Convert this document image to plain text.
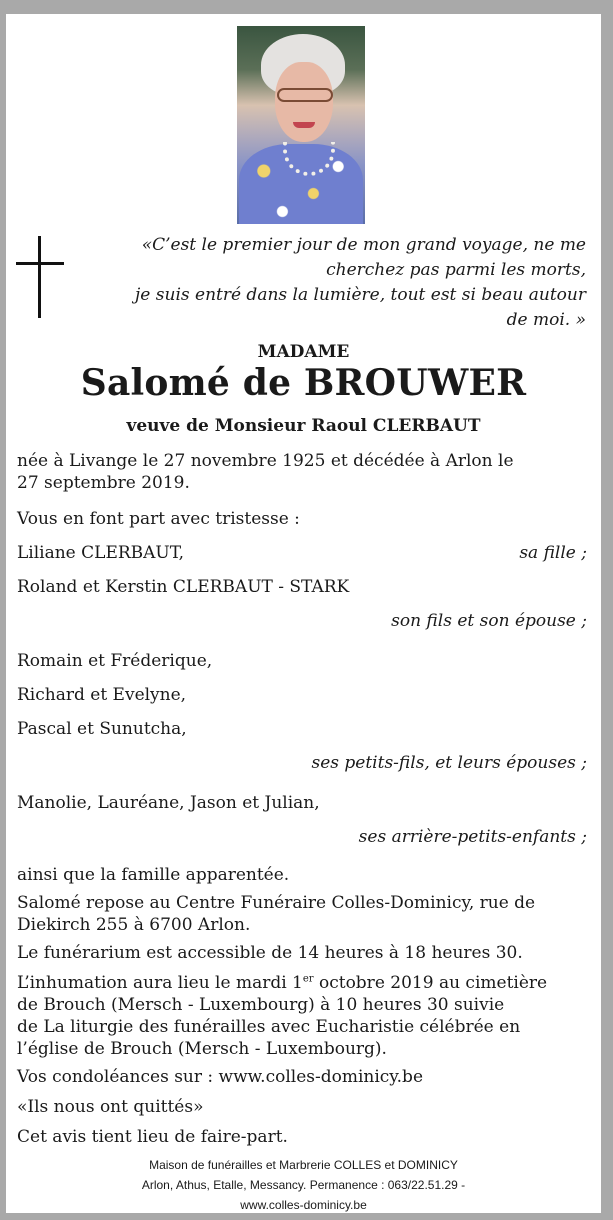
«C’est le premier jour de mon grand voyage, ne me
cherchez pas parmi les morts,
je suis entré dans la lumière, tout est si beau autour
de moi. »
MADAME
Salomé de BROUWER
veuve de Monsieur Raoul CLERBAUT
née à Livange le 27 novembre 1925 et décédée à Arlon le
27 septembre 2019.
Vous en font part avec tristesse :
Liliane CLERBAUT,	sa fille ;
Roland et Kerstin CLERBAUT - STARK
son fils et son épouse ;
Romain et Fréderique,
Richard et Evelyne,
Pascal et Sunutcha,
ses petits-fils, et leurs épouses ;
Manolie, Lauréane, Jason et Julian,
ses arrière-petits-enfants ;
ainsi que la famille apparentée.
Salomé repose au Centre Funéraire Colles-Dominicy, rue de
Diekirch 255 à 6700 Arlon.
Le funérarium est accessible de 14 heures à 18 heures 30.
L’inhumation aura lieu le mardi 1er octobre 2019 au cimetière
de Brouch (Mersch - Luxembourg) à 10 heures 30 suivie
de La liturgie des funérailles avec Eucharistie célébrée en
l’église de Brouch (Mersch - Luxembourg).
Vos condoléances sur : www.colles-dominicy.be
«Ils nous ont quittés»
Cet avis tient lieu de faire-part.
Maison de funérailles et Marbrerie COLLES et DOMINICY
Arlon, Athus, Etalle, Messancy. Permanence : 063/22.51.29 -
www.colles-dominicy.be
